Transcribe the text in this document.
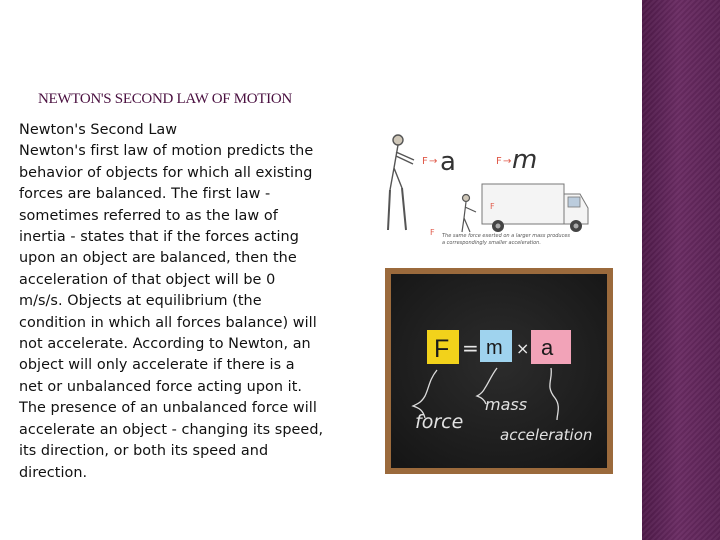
NEWTON'S SECOND LAW OF MOTION
Newton's Second Law
Newton's first law of motion predicts the
behavior of objects for which all existing
forces are balanced. The first law -
sometimes referred to as the law of
inertia - states that if the forces acting
upon an object are balanced, then the
acceleration of that object will be 0
m/s/s. Objects at equilibrium (the
condition in which all forces balance) will
not accelerate. According to Newton, an
object will only accelerate if there is a
net or unbalanced force acting upon it.
The presence of an unbalanced force will
accelerate an object - changing its speed,
its direction, or both its speed and
direction.
F → a	F → m
F
F The same force exerted on a larger mass produces
a correspondingly smaller acceleration.
F = m × a
force
mass
acceleration
